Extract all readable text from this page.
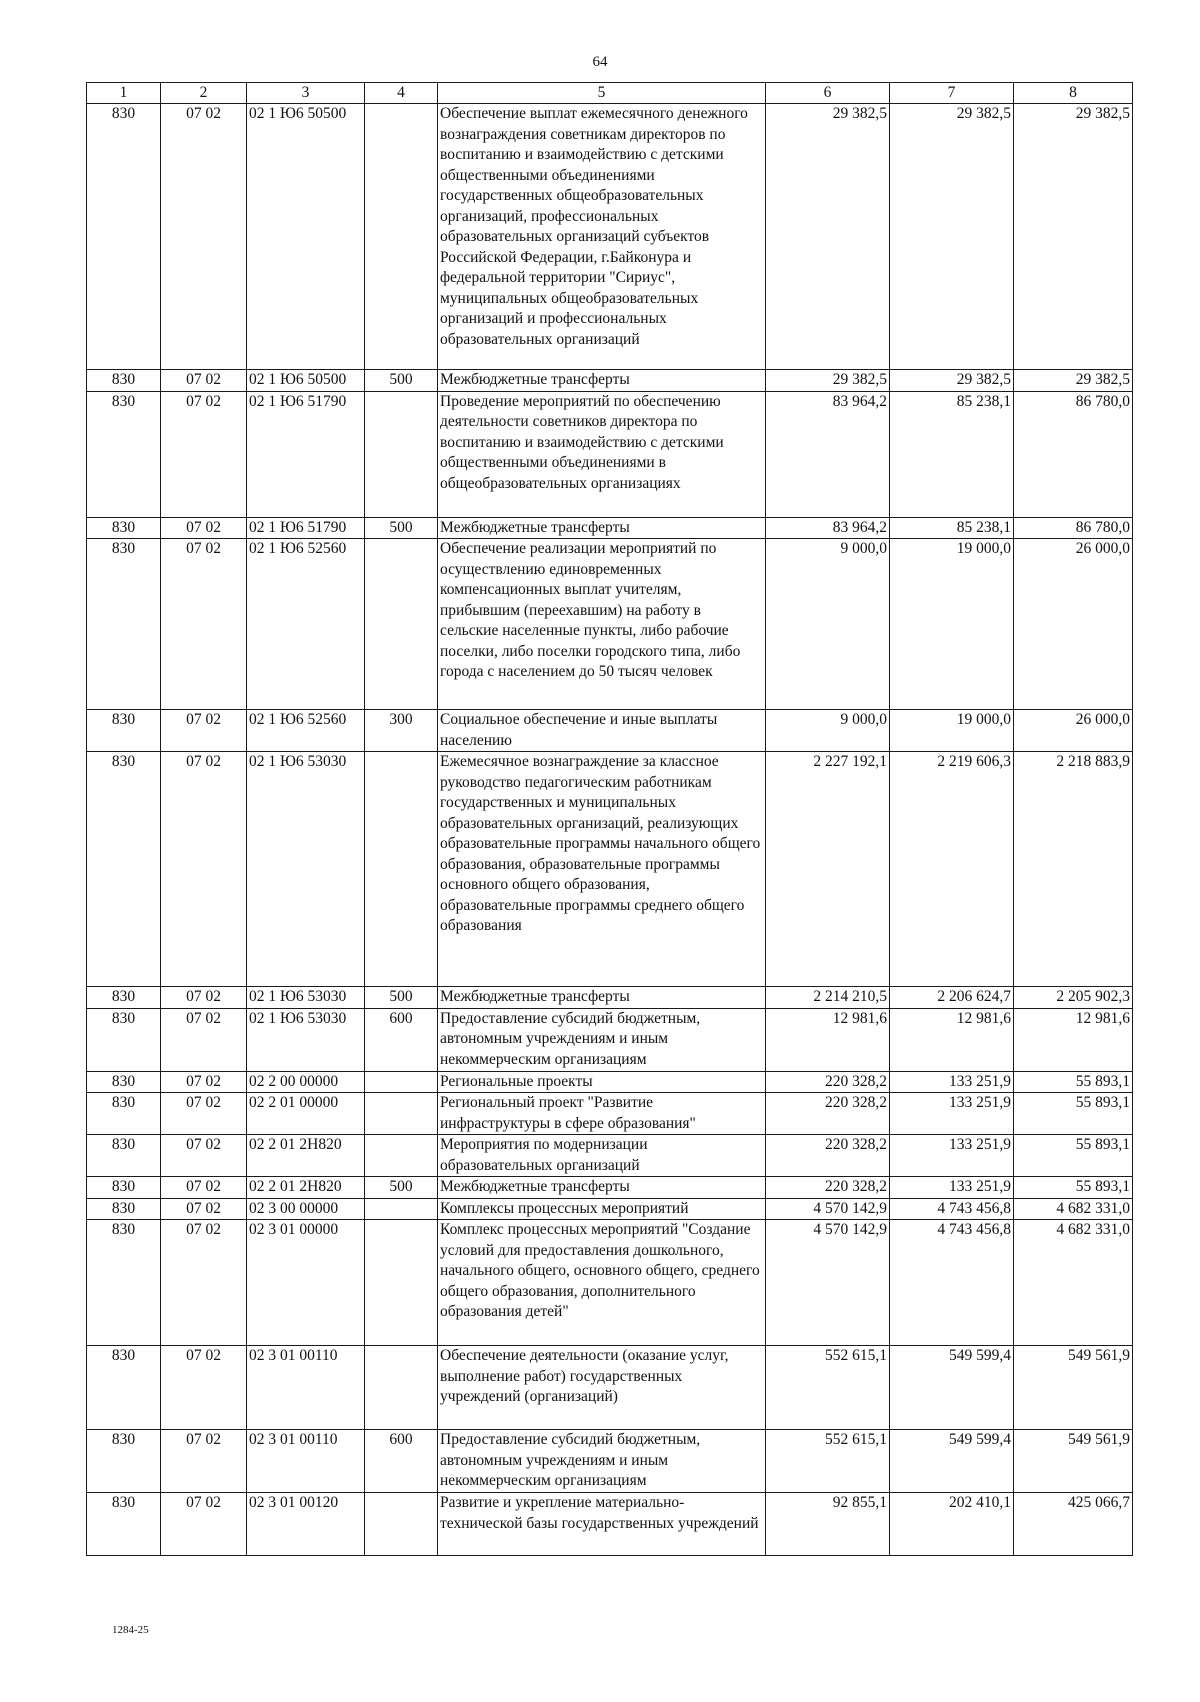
64
1	2	3	4	5	6	7	8
830	07 02	02 1 Ю6 50500		Обеспечение выплат ежемесячного денежного вознаграждения советникам директоров по воспитанию и взаимодействию с детскими общественными объединениями государственных общеобразовательных организаций, профессиональных образовательных организаций субъектов Российской Федерации, г.Байконура и федеральной территории "Сириус", муниципальных общеобразовательных организаций и профессиональных образовательных организаций	29 382,5	29 382,5	29 382,5
830	07 02	02 1 Ю6 50500	500	Межбюджетные трансферты	29 382,5	29 382,5	29 382,5
830	07 02	02 1 Ю6 51790		Проведение мероприятий по обеспечению деятельности советников директора по воспитанию и взаимодействию с детскими общественными объединениями в общеобразовательных организациях	83 964,2	85 238,1	86 780,0
830	07 02	02 1 Ю6 51790	500	Межбюджетные трансферты	83 964,2	85 238,1	86 780,0
830	07 02	02 1 Ю6 52560		Обеспечение реализации мероприятий по осуществлению единовременных компенсационных выплат учителям, прибывшим (переехавшим) на работу в сельские населенные пункты, либо рабочие поселки, либо поселки городского типа, либо города с населением до 50 тысяч человек	9 000,0	19 000,0	26 000,0
830	07 02	02 1 Ю6 52560	300	Социальное обеспечение и иные выплаты населению	9 000,0	19 000,0	26 000,0
830	07 02	02 1 Ю6 53030		Ежемесячное вознаграждение за классное руководство педагогическим работникам государственных и муниципальных образовательных организаций, реализующих образовательные программы начального общего образования, образовательные программы основного общего образования, образовательные программы среднего общего образования	2 227 192,1	2 219 606,3	2 218 883,9
830	07 02	02 1 Ю6 53030	500	Межбюджетные трансферты	2 214 210,5	2 206 624,7	2 205 902,3
830	07 02	02 1 Ю6 53030	600	Предоставление субсидий бюджетным, автономным учреждениям и иным некоммерческим организациям	12 981,6	12 981,6	12 981,6
830	07 02	02 2 00 00000		Региональные проекты	220 328,2	133 251,9	55 893,1
830	07 02	02 2 01 00000		Региональный проект "Развитие инфраструктуры в сфере образования"	220 328,2	133 251,9	55 893,1
830	07 02	02 2 01 2Н820		Мероприятия по модернизации образовательных организаций	220 328,2	133 251,9	55 893,1
830	07 02	02 2 01 2Н820	500	Межбюджетные трансферты	220 328,2	133 251,9	55 893,1
830	07 02	02 3 00 00000		Комплексы процессных мероприятий	4 570 142,9	4 743 456,8	4 682 331,0
830	07 02	02 3 01 00000		Комплекс процессных мероприятий "Создание условий для предоставления дошкольного, начального общего, основного общего, среднего общего образования, дополнительного образования детей"	4 570 142,9	4 743 456,8	4 682 331,0
830	07 02	02 3 01 00110		Обеспечение деятельности (оказание услуг, выполнение работ) государственных учреждений (организаций)	552 615,1	549 599,4	549 561,9
830	07 02	02 3 01 00110	600	Предоставление субсидий бюджетным, автономным учреждениям и иным некоммерческим организациям	552 615,1	549 599,4	549 561,9
830	07 02	02 3 01 00120		Развитие и укрепление материально-технической базы государственных учреждений	92 855,1	202 410,1	425 066,7
1284-25
